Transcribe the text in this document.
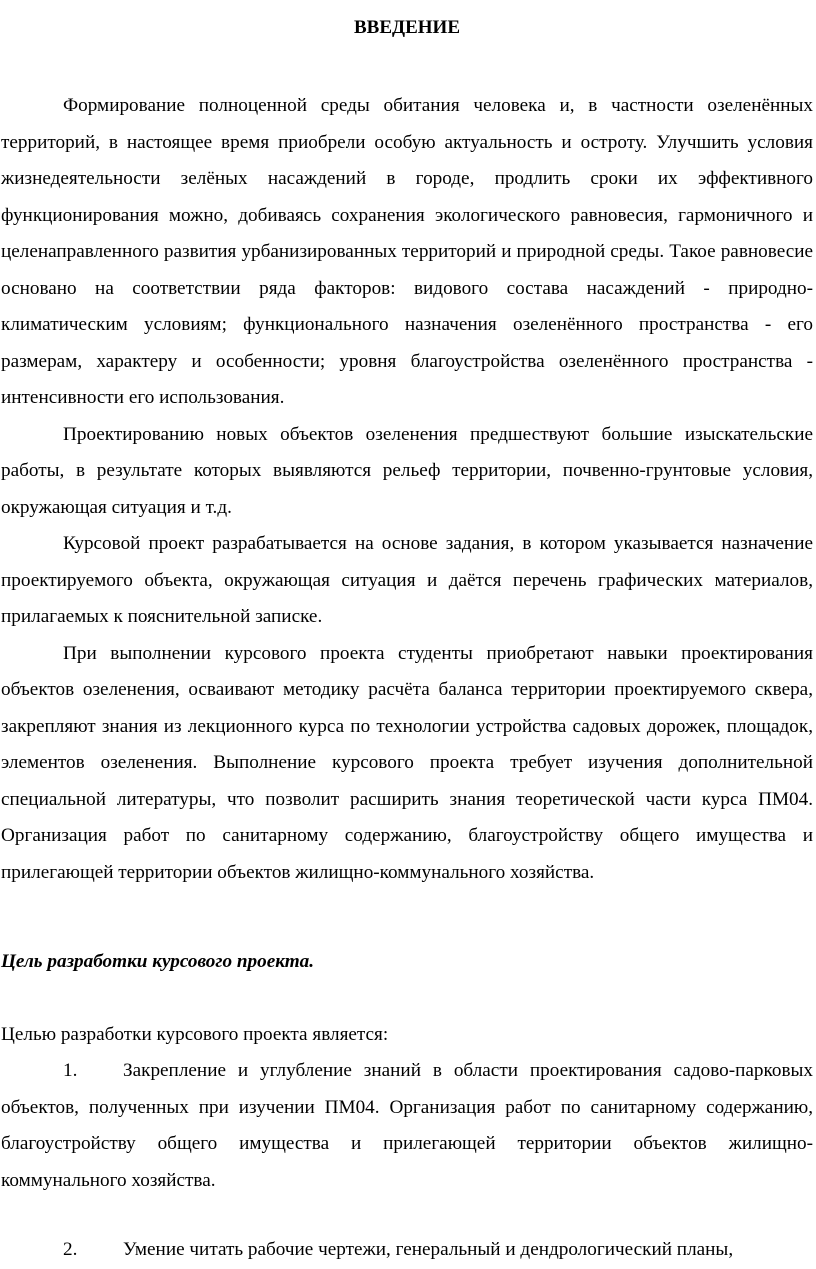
ВВЕДЕНИЕ

Формирование полноценной среды обитания человека и, в частности озеленённых территорий, в настоящее время приобрели особую актуальность и остроту. Улучшить условия жизнедеятельности зелёных насаждений в городе, продлить сроки их эффективного функционирования можно, добиваясь сохранения экологического равновесия, гармоничного и целенаправленного развития урбанизированных территорий и природной среды. Такое равновесие основано на соответствии ряда факторов: видового состава насаждений - природно-климатическим условиям; функционального назначения озеленённого пространства - его размерам, характеру и особенности; уровня благоустройства озеленённого пространства - интенсивности его использования.

Проектированию новых объектов озеленения предшествуют большие изыскательские работы, в результате которых выявляются рельеф территории, почвенно-грунтовые условия, окружающая ситуация и т.д.

Курсовой проект разрабатывается на основе задания, в котором указывается назначение проектируемого объекта, окружающая ситуация и даётся перечень графических материалов, прилагаемых к пояснительной записке.

При выполнении курсового проекта студенты приобретают навыки проектирования объектов озеленения, осваивают методику расчёта баланса территории проектируемого сквера, закрепляют знания из лекционного курса по технологии устройства садовых дорожек, площадок, элементов озеленения. Выполнение курсового проекта требует изучения дополнительной специальной литературы, что позволит расширить знания теоретической части курса ПМ04. Организация работ по санитарному содержанию, благоустройству общего имущества и прилегающей территории объектов жилищно-коммунального хозяйства.

Цель разработки курсового проекта.

Целью разработки курсового проекта является:

1. Закрепление и углубление знаний в области проектирования садово-парковых объектов, полученных при изучении ПМ04. Организация работ по санитарному содержанию, благоустройству общего имущества и прилегающей территории объектов жилищно-коммунального хозяйства.

2. Умение читать рабочие чертежи, генеральный и дендрологический планы,
